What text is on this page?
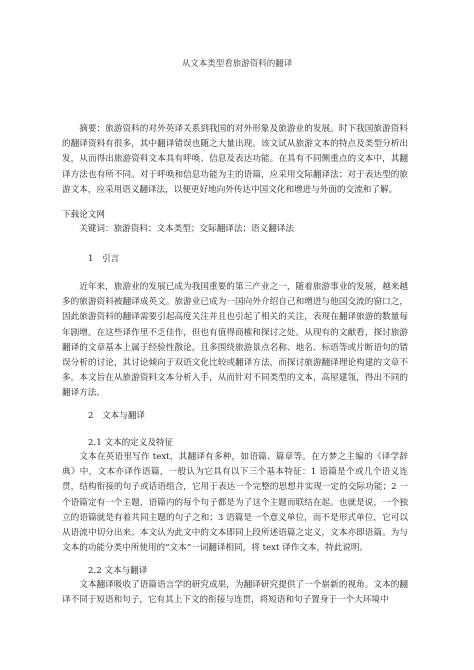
从文本类型看旅游资料的翻译

摘要：旅游资料的对外英译关系到我国的对外形象及旅游业的发展。时下我国旅游资料的翻译资料有很多，其中翻译错误也随之大量出现。该文试从旅游文本的特点及类型分析出发，从而得出旅游资料文本具有呼唤、信息及表达功能。在具有不同侧重点的文本中，其翻译方法也有所不同。对于呼唤和信息功能为主的语篇，应采用交际翻译法；对于表达型的旅游文本，应采用语义翻译法，以便更好地向外传达中国文化和增进与外面的交流和了解。

下载论文网

关键词：旅游资料；文本类型；交际翻译法；语义翻译法

1　引言

近年来，旅游业的发展已成为我国重要的第三产业之一，随着旅游事业的发展，越来越多的旅游资料被翻译成英文。旅游业已成为一国向外介绍自己和增进与他国交流的窗口之，因此旅游资料的翻译需要引起高度关注并且也引起了相关的关注，表现在翻译旅游的数量每年剧增。在这些译作里不乏佳作，但也有值得商榷和探讨之处。从现有的文献看，探讨旅游翻译的文章基本上属于经验性散论，且多围绕旅游景点名称、地名、标语等或片断语句的错误分析的讨论，其讨论倾向于双语文化比较或翻译方法，而探讨旅游翻译理论构建的文章不多。本文旨在从旅游资料文本分析入手，从而针对不同类型的文本，高屋建瓴，得出不同的翻译方法。

2　文本与翻译
2.1 文本的定义及特征

文本在英语里写作 text，其翻译有多种，如语篇、篇章等。在方梦之主编的《译学辞典》中，文本亦译作语篇，一般认为它具有以下三个基本特征：1 语篇是个或几个语义连贯，结构衔接的句子或话语组合，它用于表达一个完整的思想并实现一定的交际功能；2 一个语篇定有一个主题，语篇内的每个句子都是为了这个主题而联结在起。也就是说，一个独立的语篇就是有着共同主题的句子之和；3 语篇是一个意义单位，而不是形式单位，它可以从语流中切分出来。本文认为此文中的文本即同上段所述语篇之定义，文本亦即语篇。为与文本的功能分类中所使用的“文本”一词翻译相同，将 text 译作文本，特此说明。

2.2 文本与翻译

文本翻译吸收了语篇语言学的研究成果，为翻译研究提供了一个崭新的视角。文本的翻译不同于短语和句子，它有其上下文的衔接与连贯，将短语和句子置身于一个大环境中
